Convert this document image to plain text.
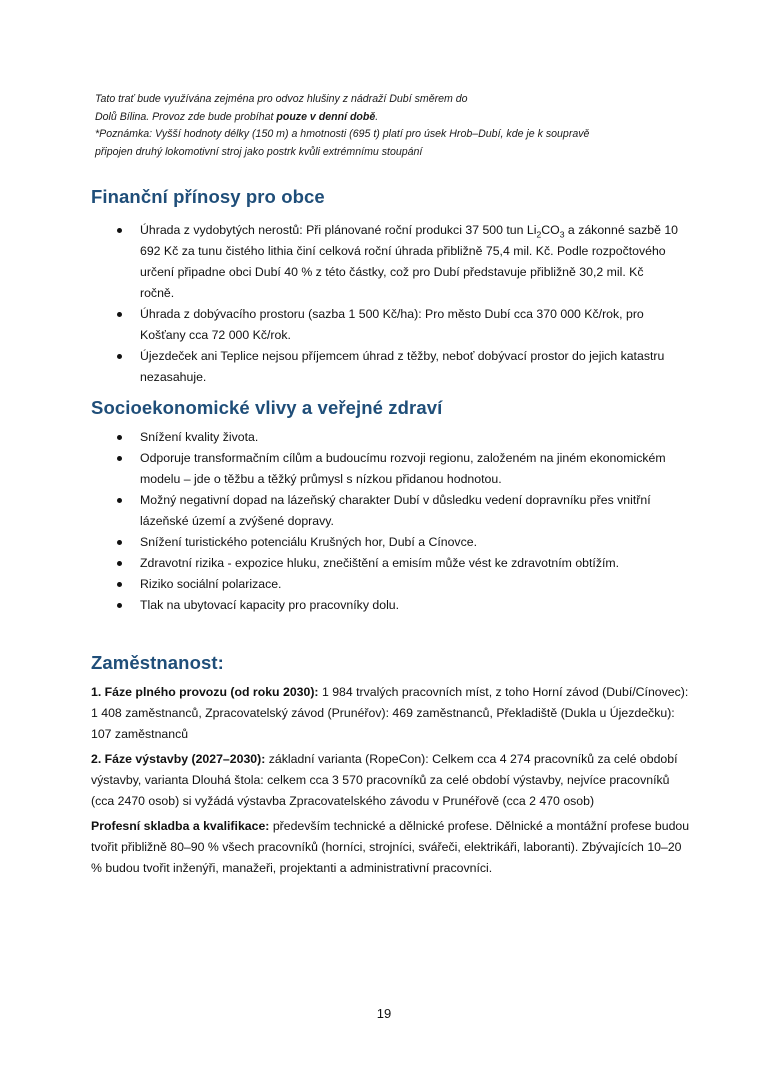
Tato trať bude využívána zejména pro odvoz hlušiny z nádraží Dubí směrem do

Dolů Bílina. Provoz zde bude probíhat pouze v denní době.

*Poznámka: Vyšší hodnoty délky (150 m) a hmotnosti (695 t) platí pro úsek Hrob–Dubí, kde je k soupravě

připojen druhý lokomotivní stroj jako postrk kvůli extrémnímu stoupání

Finanční přínosy pro obce
Úhrada z vydobytých nerostů: Při plánované roční produkci 37 500 tun $Li_2CO_3$ a zákonné sazbě 10 692 Kč za tunu čistého lithia činí celková roční úhrada přibližně 75,4 mil. Kč. Podle rozpočtového určení připadne obci Dubí 40 % z této částky, což pro Dubí představuje přibližně 30,2 mil. Kč ročně.
Úhrada z dobývacího prostoru (sazba 1 500 Kč/ha): Pro město Dubí cca 370 000 Kč/rok, pro Košťany cca 72 000 Kč/rok.
Újezdeček ani Teplice nejsou příjemcem úhrad z těžby, neboť dobývací prostor do jejich katastru nezasahuje.
Socioekonomické vlivy a veřejné zdraví
Snížení kvality života.
Odporuje transformačním cílům a budoucímu rozvoji regionu, založeném na jiném ekonomickém modelu – jde o těžbu a těžký průmysl s nízkou přidanou hodnotou.
Možný negativní dopad na lázeňský charakter Dubí v důsledku vedení dopravníku přes vnitřní lázeňské území a zvýšené dopravy.
Snížení turistického potenciálu Krušných hor, Dubí a Cínovce.
Zdravotní rizika - expozice hluku, znečištění a emisím může vést ke zdravotním obtížím.
Riziko sociální polarizace.
Tlak na ubytovací kapacity pro pracovníky dolu.
Zaměstnanost:

1. Fáze plného provozu (od roku 2030): 1 984 trvalých pracovních míst, z toho Horní závod (Dubí/Cínovec): 1 408 zaměstnanců, Zpracovatelský závod (Prunéřov): 469 zaměstnanců, Překladiště (Dukla u Újezdečku): 107 zaměstnanců

2. Fáze výstavby (2027–2030): základní varianta (RopeCon): Celkem cca 4 274 pracovníků za celé období výstavby, varianta Dlouhá štola: celkem cca 3 570 pracovníků za celé období výstavby, nejvíce pracovníků (cca 2470 osob) si vyžádá výstavba Zpracovatelského závodu v Prunéřově (cca 2 470 osob)

Profesní skladba a kvalifikace: především technické a dělnické profese. Dělnické a montážní profese budou tvořit přibližně 80–90 % všech pracovníků (horníci, strojníci, svářeči, elektrikáři, laboranti). Zbývajících 10–20 % budou tvořit inženýři, manažeři, projektanti a administrativní pracovníci.

19
